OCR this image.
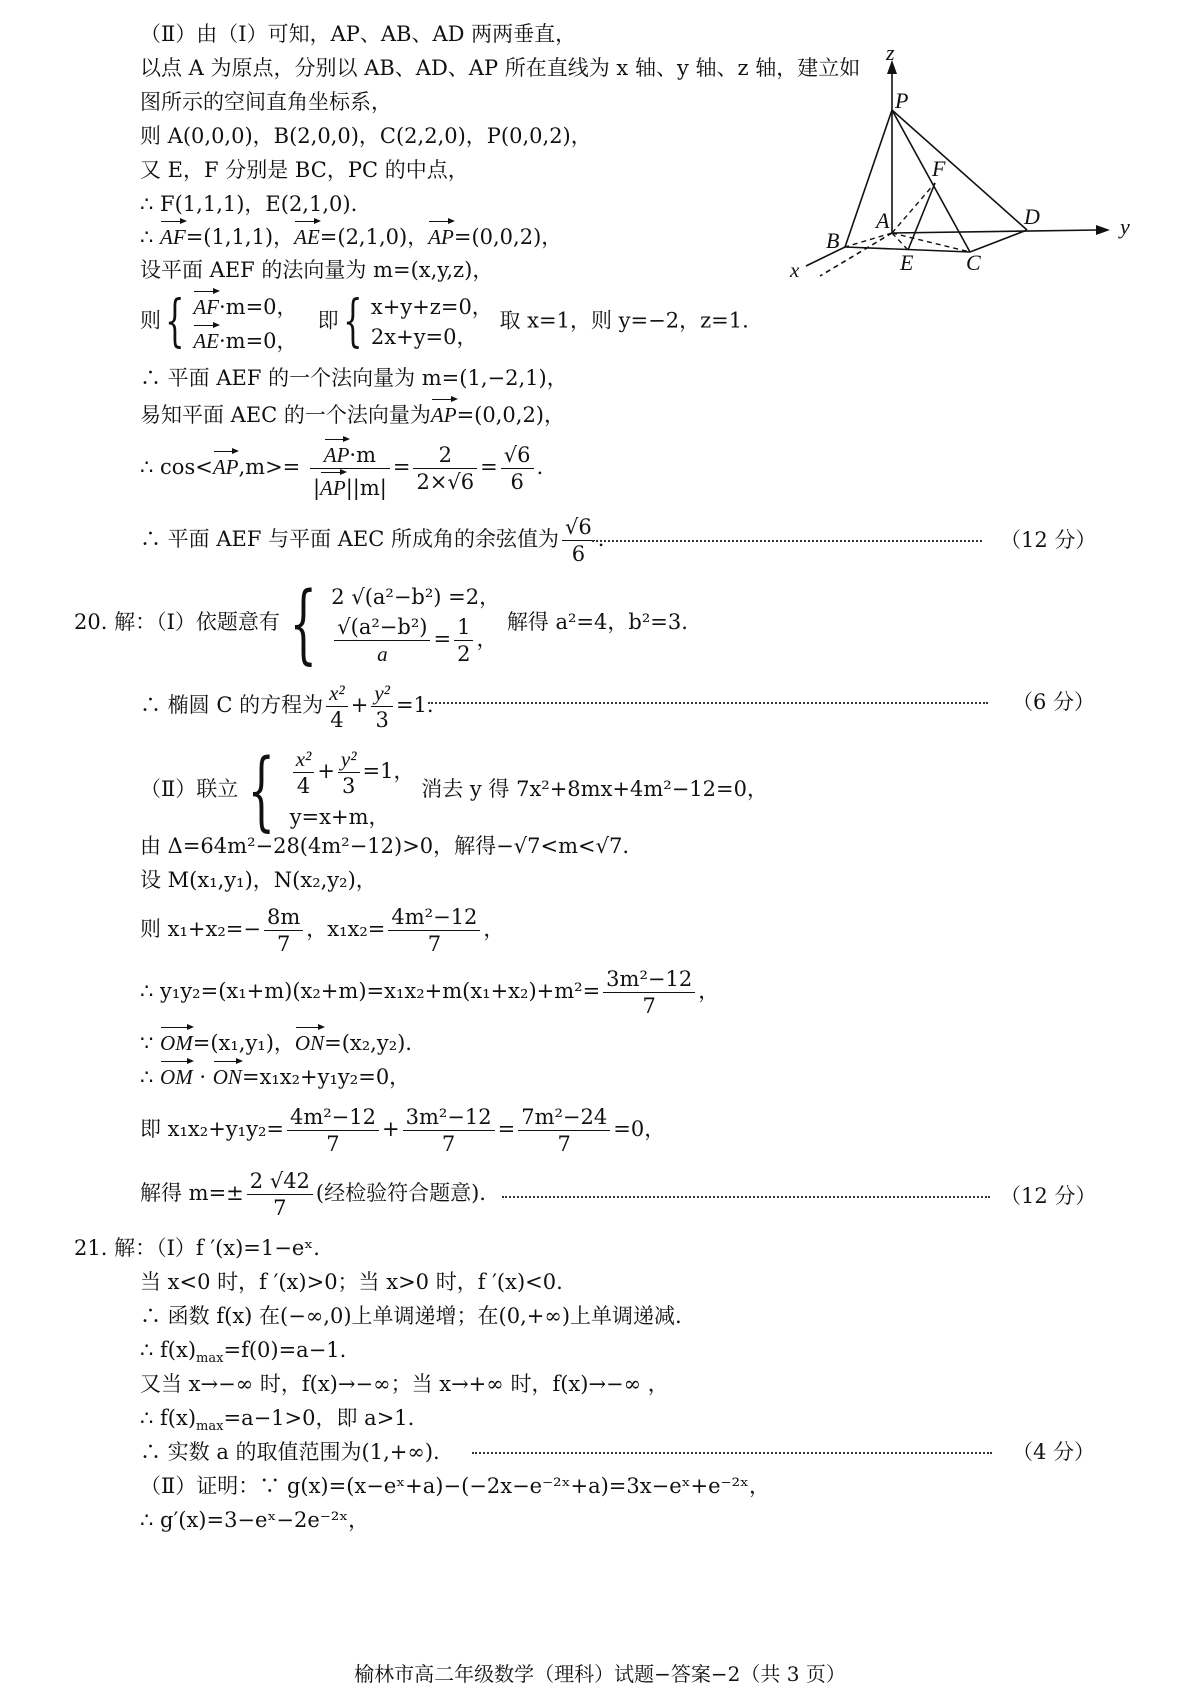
z
P
F
A	D	y
B
E C
x
（Ⅱ）由（Ⅰ）可知，AP、AB、AD 两两垂直，
以点 A 为原点，分别以 AB、AD、AP 所在直线为 x 轴、y 轴、z 轴，建立如
图所示的空间直角坐标系，
则 A(0,0,0)，B(2,0,0)，C(2,2,0)，P(0,0,2)，
又 E，F 分别是 BC，PC 的中点，
∴ F(1,1,1)，E(2,1,0).
∴ AF=(1,1,1)，AE=(2,1,0)，AP=(0,0,2)，
设平面 AEF 的法向量为 m=(x,y,z)，
则{ AF·m=0，
AE·m=0，
即{ x+y+z=0，
2x+y=0，
取 x=1，则 y=−2，z=1.
∴ 平面 AEF 的一个法向量为 m=(1,−2,1)，
易知平面 AEC 的一个法向量为AP=(0,0,2)，
∴ $\cos<AP,m>= \frac{AP\cdot m}{|AP||m|} = \frac{2}{2\times√6} = \frac{√6}{6}$ .
∴ 平面 AEF 与平面 AEC 所成角的余弦值为 $\frac{√6}{6}$ .	（12 分）
20. 解：（Ⅰ）依题意有 { 2 √(a²−b²) =2，
$\frac{\text{√(a²−b²)}}{a} = \frac{1}{2}$ ，
解得 a²=4，b²=3.
∴ 椭圆 C 的方程为 $\frac{\text{x²}}{4} + \frac{\text{y²}}{3} =1$.	（6 分）
（Ⅱ）联立 { $\frac{\text{x²}}{4} + \frac{\text{y²}}{3} =1$，
y=x+m，
消去 y 得 7x²+8mx+4m²−12=0，
由 Δ=64m²−28(4m²−12)>0，解得−√7<m<√7.
设 M(x₁,y₁)，N(x₂,y₂)，
则 $x_1+x_2=- \frac{8m}{7}$ ，$x_1x_2= \frac{\text{4m²−12}}{7}$ ，
∴ $y_1y_2=(x_1+m)(x_2+m)=x_1x_2+m(x_1+x_2)+m^2= \frac{\text{3m²−12}}{7}$ ，
∵ OM=(x₁,y₁)，ON=(x₂,y₂).
∴ OM · ON=x₁x₂+y₁y₂=0，
即 $x_1x_2+y_1y_2= \frac{\text{4m²−12}}{7} + \frac{\text{3m²−12}}{7} = \frac{\text{7m²−24}}{7} =0$，
解得 $m=\pm \frac{2 √42}{7}$ (经检验符合题意).	（12 分）
21. 解：（Ⅰ）f ′(x)=1−eˣ.
当 x<0 时，f ′(x)>0；当 x>0 时，f ′(x)<0.
∴ 函数 f(x) 在(−∞,0)上单调递增；在(0,+∞)上单调递减.
∴ $f(x)_{max}=f(0)=a-1$.
又当 x→−∞ 时，f(x)→−∞；当 x→+∞ 时，f(x)→−∞ ，
∴ $f(x)_{max}=a-1>0$，即 a>1.
∴ 实数 a 的取值范围为(1,+∞).	（4 分）
（Ⅱ）证明：∵ g(x)=(x−eˣ+a)−(−2x−e⁻²ˣ+a)=3x−eˣ+e⁻²ˣ，
∴ g′(x)=3−eˣ−2e⁻²ˣ，
榆林市高二年级数学（理科）试题−答案−2（共 3 页）
